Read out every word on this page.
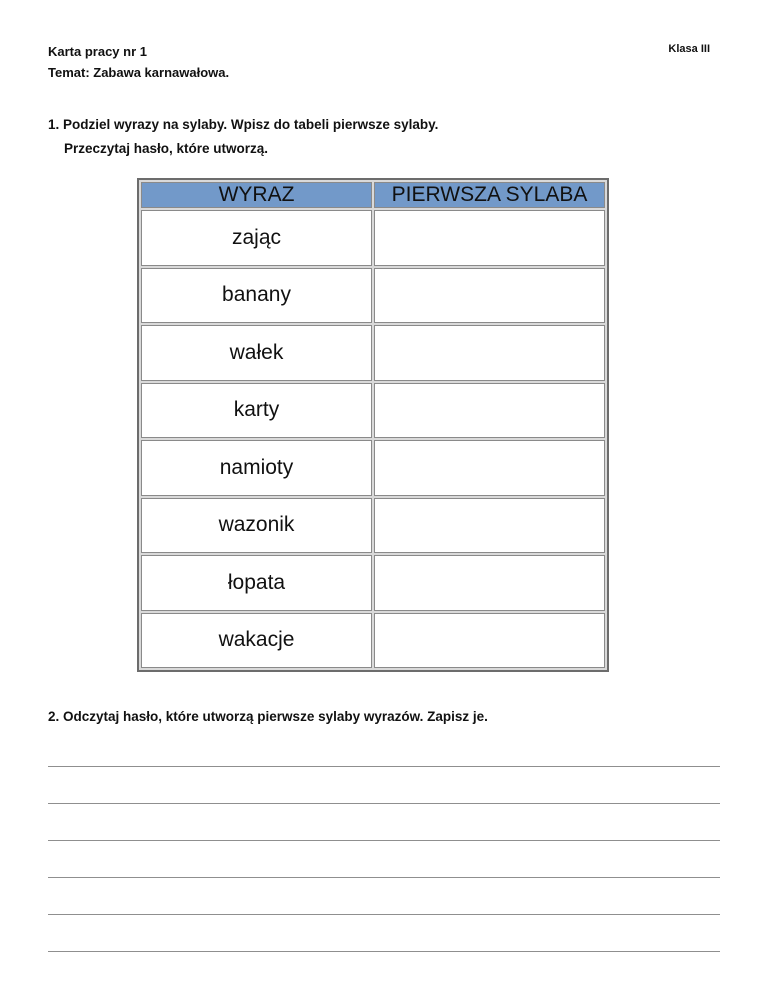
Karta pracy nr 1
Temat: Zabawa karnawałowa.
Klasa III
1. Podziel wyrazy na sylaby. Wpisz do tabeli pierwsze sylaby.
Przeczytaj hasło, które utworzą.
WYRAZ	PIERWSZA SYLABA
zając	
banany	
wałek	
karty	
namioty	
wazonik	
łopata	
wakacje	
2. Odczytaj hasło, które utworzą pierwsze sylaby wyrazów. Zapisz je.
